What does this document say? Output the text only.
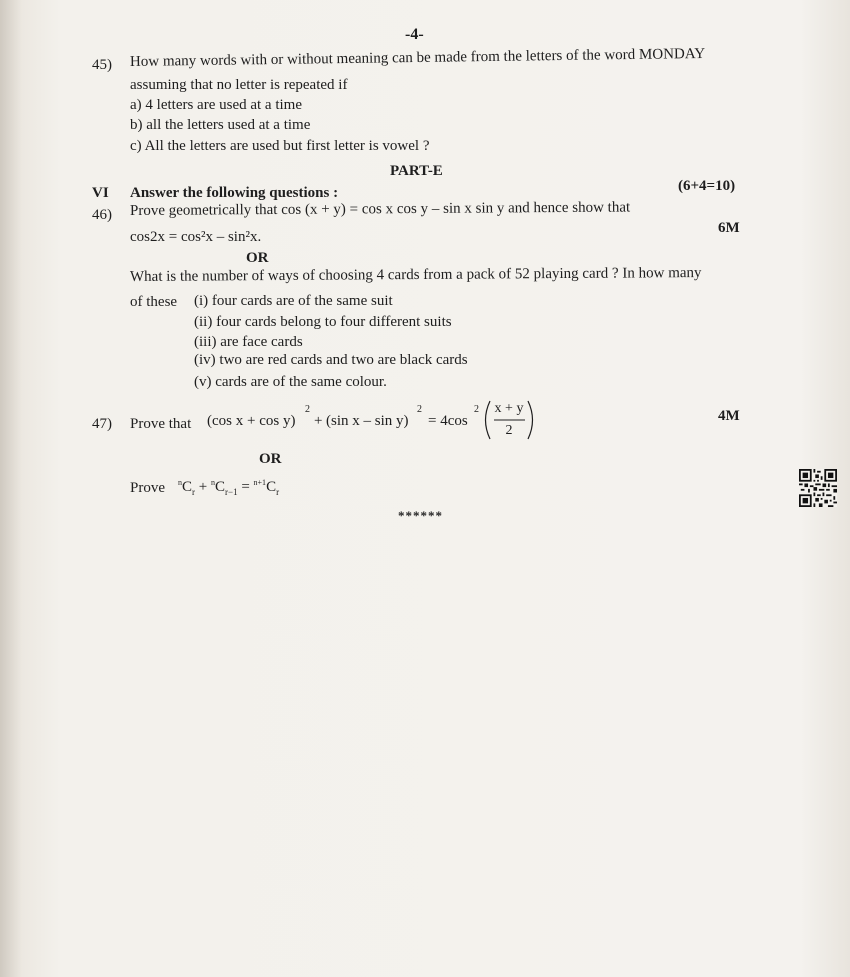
-4-
45) How many words with or without meaning can be made from the letters of the word MONDAY
assuming that no letter is repeated if
a) 4 letters are used at a time
b) all the letters used at a time
c) All the letters are used but first letter is vowel ?
PART-E
VI Answer the following questions :	(6+4=10)
46) Prove geometrically that cos (x + y) = cos x cos y – sin x sin y and hence show that
cos2x = cos²x – sin²x.
6M
OR
What is the number of ways of choosing 4 cards from a pack of 52 playing card ? In how many
of these (i) four cards are of the same suit
(ii) four cards belong to four different suits
(iii) are face cards
(iv) two are red cards and two are black cards
(v) cards are of the same colour.
47) Prove that (cos x + cos y)
2
+ (sin x – sin y)
2
= 4cos
2 x + y
2
4M
OR
Prove $^nC_r + ^nC_{r-1} = ^{n+1}C_r$
******
